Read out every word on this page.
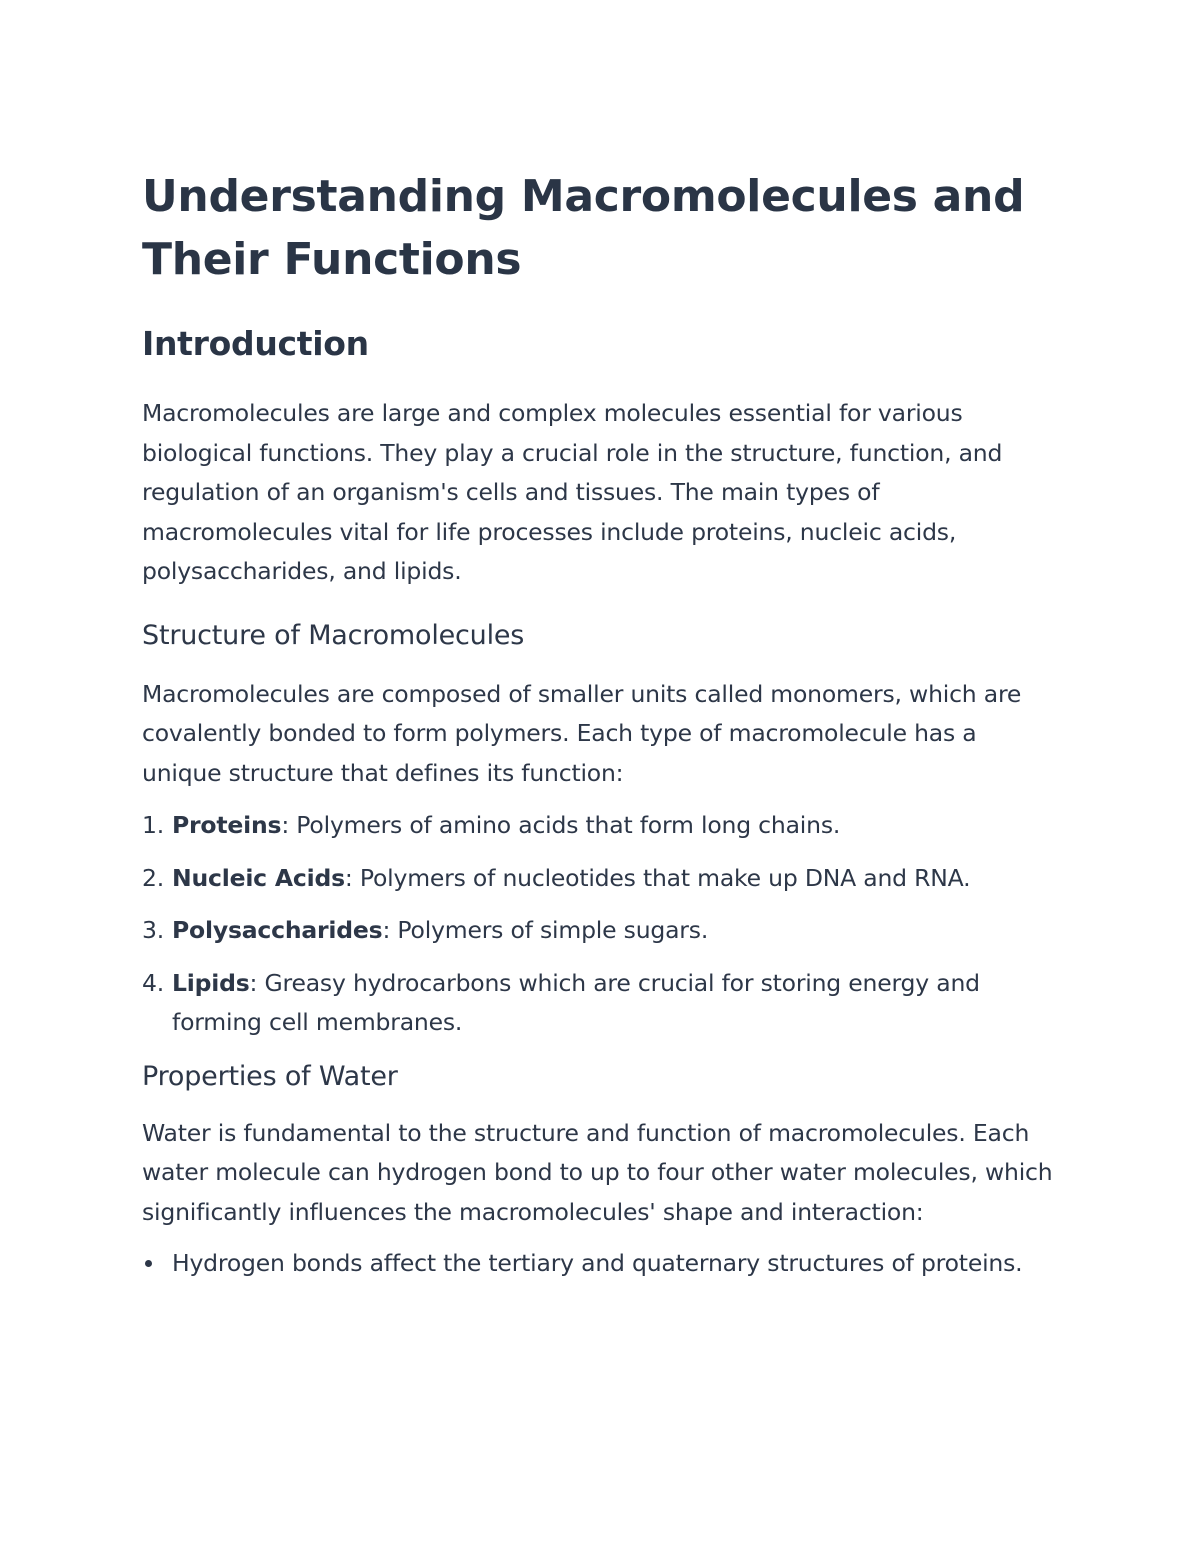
Understanding Macromolecules and Their Functions
Introduction

Macromolecules are large and complex molecules essential for various biological functions. They play a crucial role in the structure, function, and regulation of an organism's cells and tissues. The main types of macromolecules vital for life processes include proteins, nucleic acids, polysaccharides, and lipids.

Structure of Macromolecules

Macromolecules are composed of smaller units called monomers, which are covalently bonded to form polymers. Each type of macromolecule has a unique structure that defines its function:

1. Proteins: Polymers of amino acids that form long chains.
2. Nucleic Acids: Polymers of nucleotides that make up DNA and RNA.
3. Polysaccharides: Polymers of simple sugars.
4. Lipids: Greasy hydrocarbons which are crucial for storing energy and forming cell membranes.
Properties of Water

Water is fundamental to the structure and function of macromolecules. Each water molecule can hydrogen bond to up to four other water molecules, which significantly influences the macromolecules' shape and interaction:

Hydrogen bonds affect the tertiary and quaternary structures of proteins.
